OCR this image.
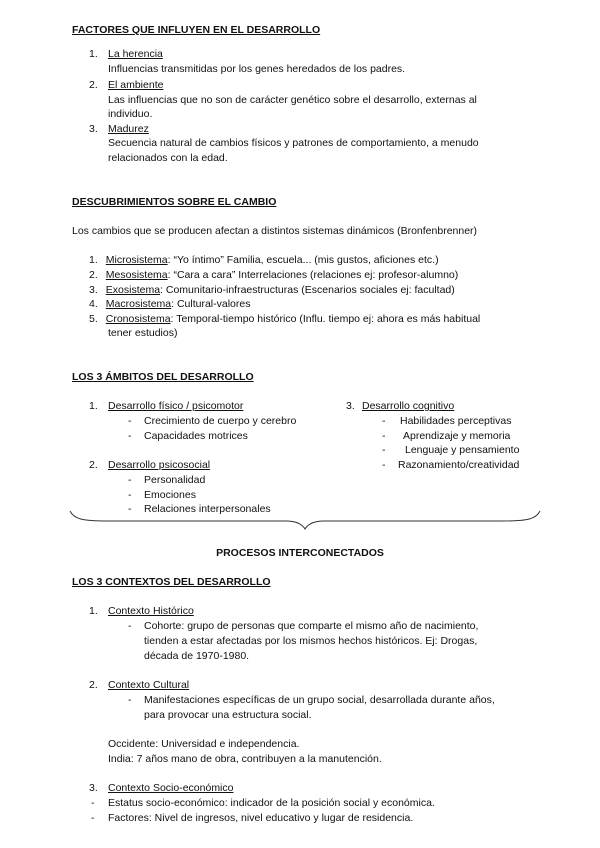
FACTORES QUE INFLUYEN EN EL DESARROLLO
1. La herencia
Influencias transmitidas por los genes heredados de los padres.
2. El ambiente
Las influencias que no son de carácter genético sobre el desarrollo, externas al
individuo.
3. Madurez
Secuencia natural de cambios físicos y patrones de comportamiento, a menudo
relacionados con la edad.
DESCUBRIMIENTOS SOBRE EL CAMBIO
Los cambios que se producen afectan a distintos sistemas dinámicos (Bronfenbrenner)
1. Microsistema: “Yo íntimo” Familia, escuela... (mis gustos, aficiones etc.)
2. Mesosistema: “Cara a cara” Interrelaciones (relaciones ej: profesor-alumno)
3. Exosistema: Comunitario-infraestructuras (Escenarios sociales ej: facultad)
4. Macrosistema: Cultural-valores
5. Cronosistema: Temporal-tiempo histórico (Influ. tiempo ej: ahora es más habitual
tener estudios)
LOS 3 ÁMBITOS DEL DESARROLLO
1. Desarrollo físico / psicomotor
- Crecimiento de cuerpo y cerebro
- Capacidades motrices
2. Desarrollo psicosocial
- Personalidad
- Emociones
- Relaciones interpersonales
3. Desarrollo cognitivo
- Habilidades perceptivas
- Aprendizaje y memoria
- Lenguaje y pensamiento
- Razonamiento/creatividad
PROCESOS INTERCONECTADOS
LOS 3 CONTEXTOS DEL DESARROLLO
1. Contexto Histórico
- Cohorte: grupo de personas que comparte el mismo año de nacimiento,
tienden a estar afectadas por los mismos hechos históricos. Ej: Drogas,
década de 1970-1980.
2. Contexto Cultural
- Manifestaciones específicas de un grupo social, desarrollada durante años,
para provocar una estructura social.
Occidente: Universidad e independencia.
India: 7 años mano de obra, contribuyen a la manutención.
3. Contexto Socio-económico
- Estatus socio-económico: indicador de la posición social y económica.
- Factores: Nivel de ingresos, nivel educativo y lugar de residencia.
